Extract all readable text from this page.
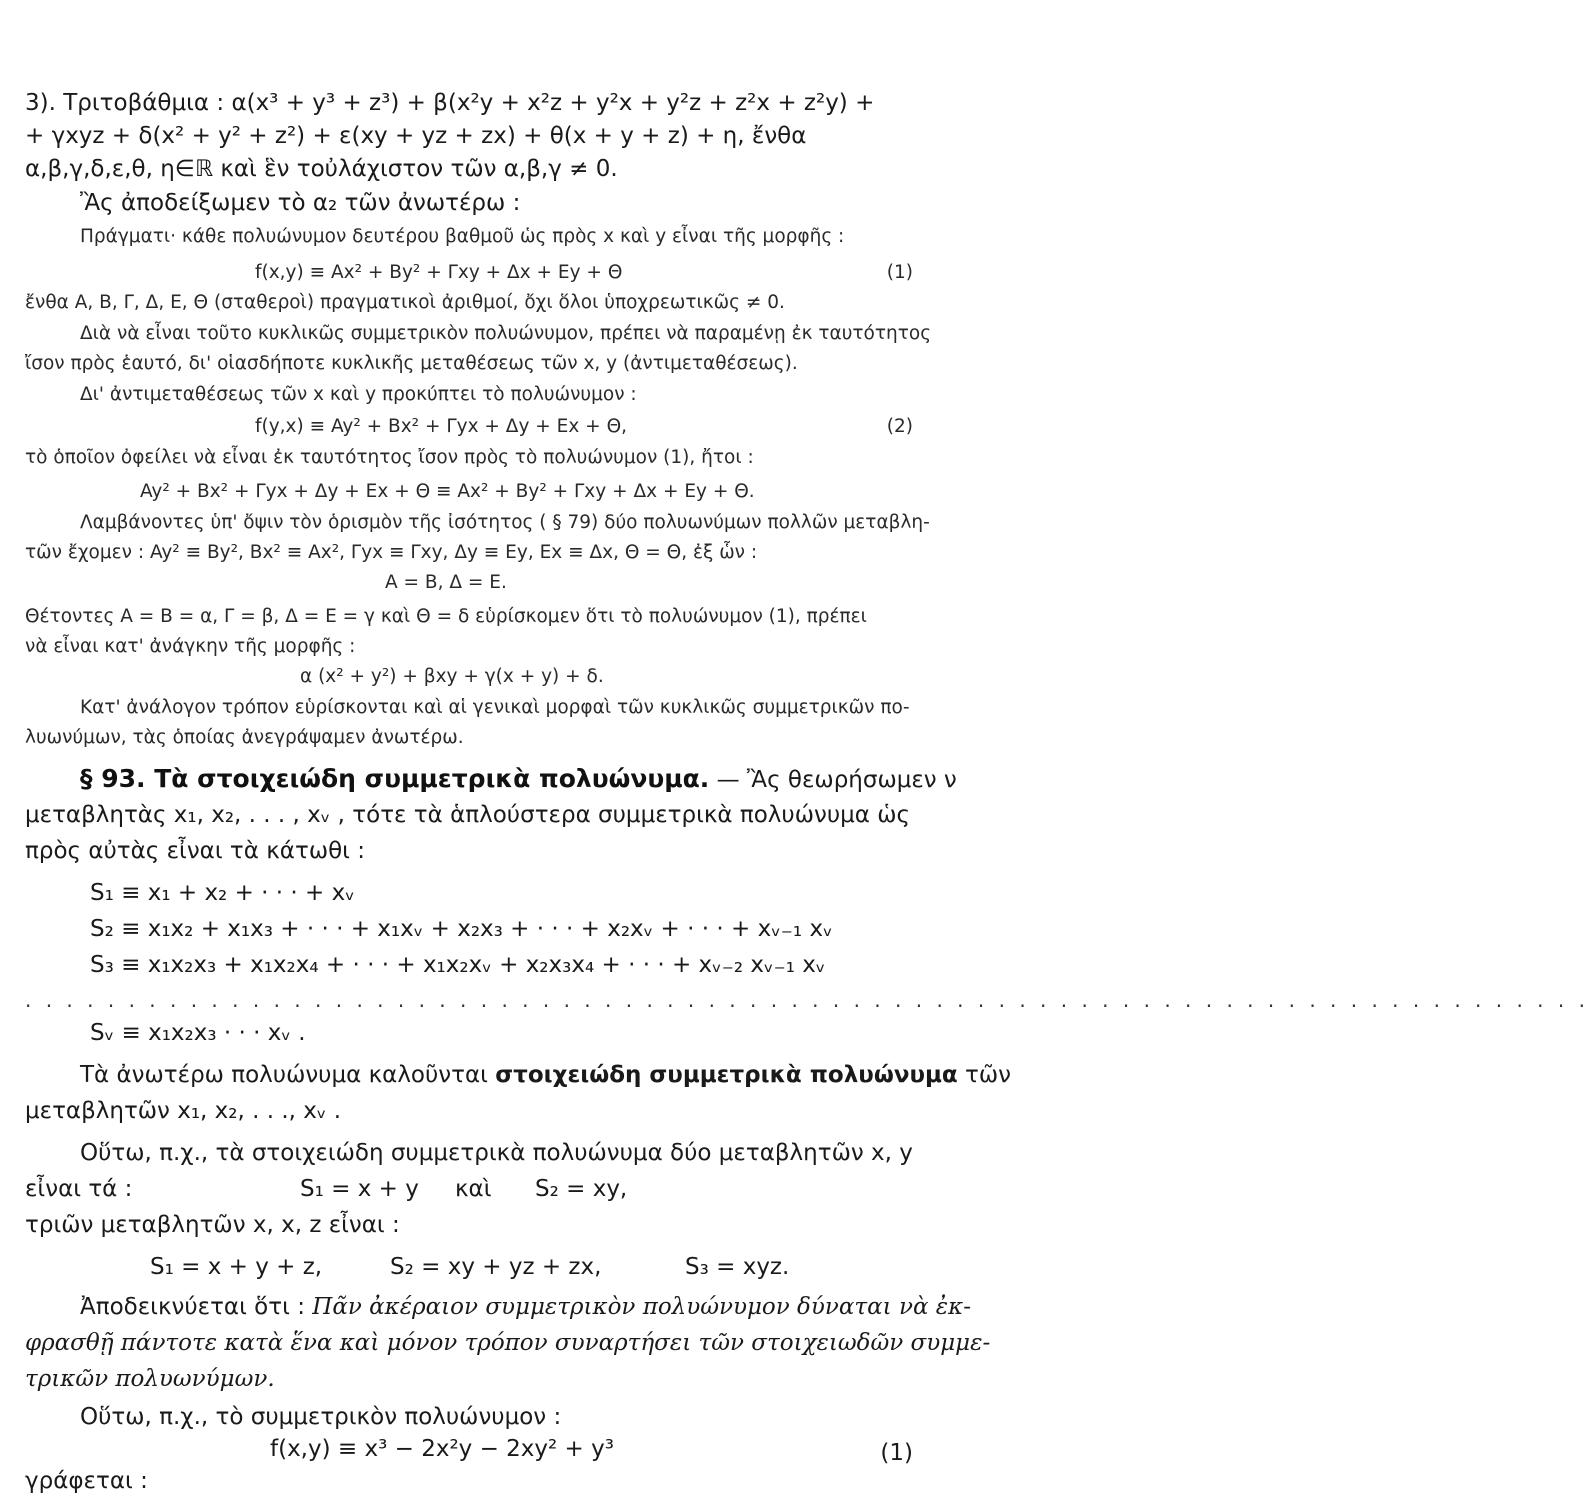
3). Τριτοβάθμια : α(x³ + y³ + z³) + β(x²y + x²z + y²x + y²z + z²x + z²y) +
+ γxyz + δ(x² + y² + z²) + ε(xy + yz + zx) + θ(x + y + z) + η, ἔνθα
α,β,γ,δ,ε,θ, η∈ℝ καὶ ἓν τοὐλάχιστον τῶν α,β,γ ≠ 0.
Ἂς ἀποδείξωμεν τὸ α₂ τῶν ἀνωτέρω :
Πράγματι· κάθε πολυώνυμον δευτέρου βαθμοῦ ὡς πρὸς x καὶ y εἶναι τῆς μορφῆς :
f(x,y) ≡ Ax² + By² + Γxy + Δx + Ey + Θ	(1)
ἔνθα A, B, Γ, Δ, E, Θ (σταθεροὶ) πραγματικοὶ ἀριθμοί, ὄχι ὅλοι ὑποχρεωτικῶς ≠ 0.
Διὰ νὰ εἶναι τοῦτο κυκλικῶς συμμετρικὸν πολυώνυμον, πρέπει νὰ παραμένῃ ἐκ ταυτότητος
ἴσον πρὸς ἑαυτό, δι' οἱασδήποτε κυκλικῆς μεταθέσεως τῶν x, y (ἀντιμεταθέσεως).
Δι' ἀντιμεταθέσεως τῶν x καὶ y προκύπτει τὸ πολυώνυμον :
f(y,x) ≡ Ay² + Bx² + Γyx + Δy + Ex + Θ,	(2)
τὸ ὁποῖον ὀφείλει νὰ εἶναι ἐκ ταυτότητος ἴσον πρὸς τὸ πολυώνυμον (1), ἤτοι :
Ay² + Bx² + Γyx + Δy + Ex + Θ ≡ Ax² + By² + Γxy + Δx + Ey + Θ.
Λαμβάνοντες ὑπ' ὄψιν τὸν ὁρισμὸν τῆς ἰσότητος ( § 79) δύο πολυωνύμων πολλῶν μεταβλη-
τῶν ἔχομεν : Ay² ≡ By², Bx² ≡ Ax², Γyx ≡ Γxy, Δy ≡ Ey, Ex ≡ Δx, Θ = Θ, ἐξ ὧν :
A = B, Δ = E.
Θέτοντες A = B = α, Γ = β, Δ = E = γ καὶ Θ = δ εὑρίσκομεν ὅτι τὸ πολυώνυμον (1), πρέπει
νὰ εἶναι κατ' ἀνάγκην τῆς μορφῆς :
α (x² + y²) + βxy + γ(x + y) + δ.
Κατ' ἀνάλογον τρόπον εὑρίσκονται καὶ αἱ γενικαὶ μορφαὶ τῶν κυκλικῶς συμμετρικῶν πο-
λυωνύμων, τὰς ὁποίας ἀνεγράψαμεν ἀνωτέρω.
§ 93. Τὰ στοιχειώδη συμμετρικὰ πολυώνυμα. — Ἂς θεωρήσωμεν ν
μεταβλητὰς x₁, x₂, . . . , xᵥ , τότε τὰ ἁπλούστερα συμμετρικὰ πολυώνυμα ὡς
πρὸς αὐτὰς εἶναι τὰ κάτωθι :
S₁ ≡ x₁ + x₂ + · · · + xᵥ
S₂ ≡ x₁x₂ + x₁x₃ + · · · + x₁xᵥ + x₂x₃ + · · · + x₂xᵥ + · · · + xᵥ₋₁ xᵥ
S₃ ≡ x₁x₂x₃ + x₁x₂x₄ + · · · + x₁x₂xᵥ + x₂x₃x₄ + · · · + xᵥ₋₂ xᵥ₋₁ xᵥ
. . . . . . . . . . . . . . . . . . . . . . . . . . . . . . . . . . . . . . . . . . . . . . . . . . . . . . . . . . . . . . . . . . . . . . . . . . . .
Sᵥ ≡ x₁x₂x₃ · · · xᵥ .
Τὰ ἀνωτέρω πολυώνυμα καλοῦνται στοιχειώδη συμμετρικὰ πολυώνυμα τῶν
μεταβλητῶν x₁, x₂, . . ., xᵥ .
Οὕτω, π.χ., τὰ στοιχειώδη συμμετρικὰ πολυώνυμα δύο μεταβλητῶν x, y
εἶναι τά :	S₁ = x + y καὶ S₂ = xy,
τριῶν μεταβλητῶν x, x, z εἶναι :
S₁ = x + y + z,	S₂ = xy + yz + zx,	S₃ = xyz.
Ἀποδεικνύεται ὅτι : Πᾶν ἀκέραιον συμμετρικὸν πολυώνυμον δύναται νὰ ἐκ-
φρασθῇ πάντοτε κατὰ ἕνα καὶ μόνον τρόπον συναρτήσει τῶν στοιχειωδῶν συμμε-
τρικῶν πολυωνύμων.
Οὕτω, π.χ., τὸ συμμετρικὸν πολυώνυμον :
f(x,y) ≡ x³ − 2x²y − 2xy² + y³	(1)
γράφεται :
